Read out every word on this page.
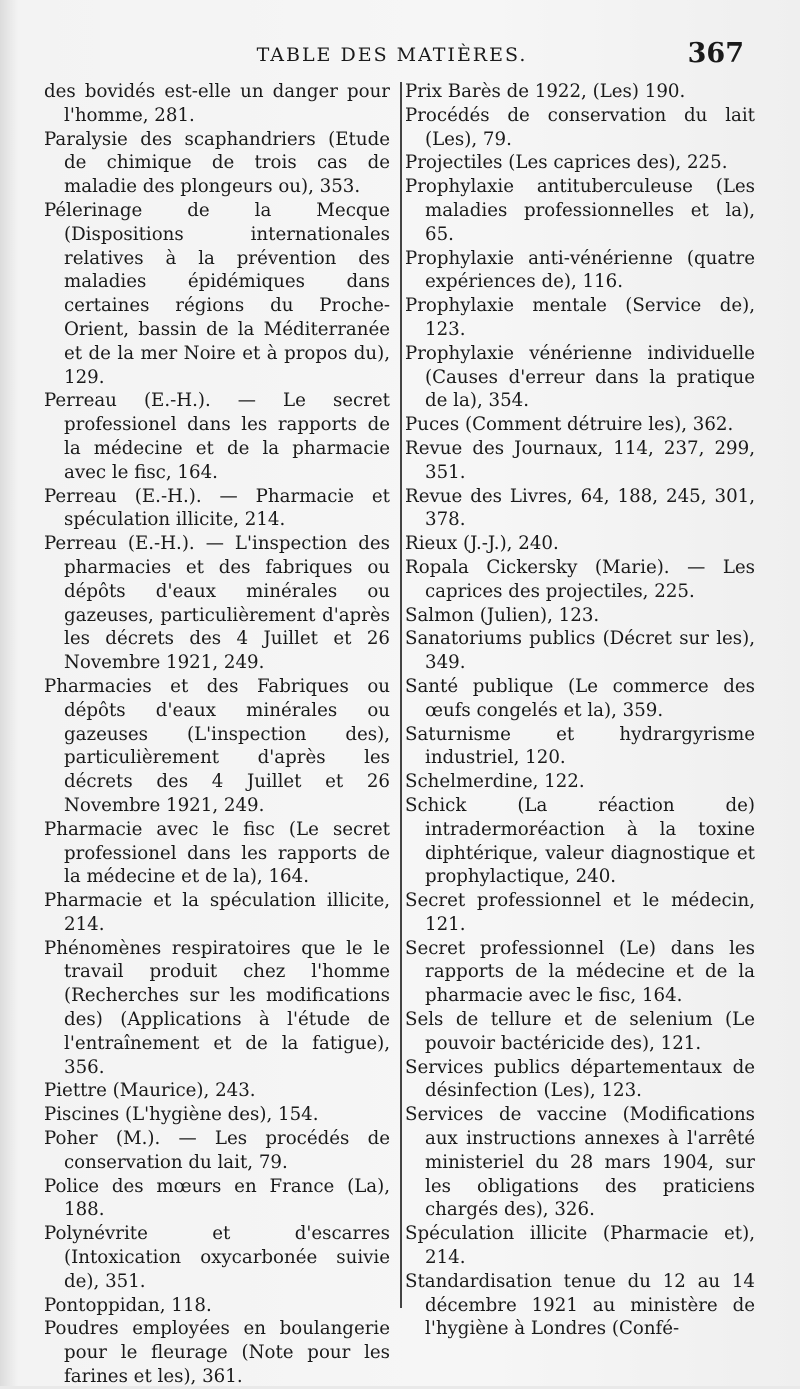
TABLE DES MATIÈRES.	367
des bovidés est-elle un danger pour l'homme, 281.
Paralysie des scaphandriers (Etude de chimique de trois cas de maladie des plongeurs ou), 353.
Pélerinage de la Mecque (Dispositions internationales relatives à la prévention des maladies épidémiques dans certaines régions du Proche-Orient, bassin de la Méditerranée et de la mer Noire et à propos du), 129.
Perreau (E.-H.). — Le secret professionel dans les rapports de la médecine et de la pharmacie avec le fisc, 164.
Perreau (E.-H.). — Pharmacie et spéculation illicite, 214.
Perreau (E.-H.). — L'inspection des pharmacies et des fabriques ou dépôts d'eaux minérales ou gazeuses, particulièrement d'après les décrets des 4 Juillet et 26 Novembre 1921, 249.
Pharmacies et des Fabriques ou dépôts d'eaux minérales ou gazeuses (L'inspection des), particulièrement d'après les décrets des 4 Juillet et 26 Novembre 1921, 249.
Pharmacie avec le fisc (Le secret professionel dans les rapports de la médecine et de la), 164.
Pharmacie et la spéculation illicite, 214.
Phénomènes respiratoires que le le travail produit chez l'homme (Recherches sur les modifications des) (Applications à l'étude de l'entraînement et de la fatigue), 356.
Piettre (Maurice), 243.
Piscines (L'hygiène des), 154.
Poher (M.). — Les procédés de conservation du lait, 79.
Police des mœurs en France (La), 188.
Polynévrite et d'escarres (Intoxication oxycarbonée suivie de), 351.
Pontoppidan, 118.
Poudres employées en boulangerie pour le fleurage (Note pour les farines et les), 361.
Prix Barès de 1922, (Les) 190.
Procédés de conservation du lait (Les), 79.
Projectiles (Les caprices des), 225.
Prophylaxie antituberculeuse (Les maladies professionnelles et la), 65.
Prophylaxie anti-vénérienne (quatre expériences de), 116.
Prophylaxie mentale (Service de), 123.
Prophylaxie vénérienne individuelle (Causes d'erreur dans la pratique de la), 354.
Puces (Comment détruire les), 362.
Revue des Journaux, 114, 237, 299, 351.
Revue des Livres, 64, 188, 245, 301, 378.
Rieux (J.-J.), 240.
Ropala Cickersky (Marie). — Les caprices des projectiles, 225.
Salmon (Julien), 123.
Sanatoriums publics (Décret sur les), 349.
Santé publique (Le commerce des œufs congelés et la), 359.
Saturnisme et hydrargyrisme industriel, 120.
Schelmerdine, 122.
Schick (La réaction de) intradermoréaction à la toxine diphtérique, valeur diagnostique et prophylactique, 240.
Secret professionnel et le médecin, 121.
Secret professionnel (Le) dans les rapports de la médecine et de la pharmacie avec le fisc, 164.
Sels de tellure et de selenium (Le pouvoir bactéricide des), 121.
Services publics départementaux de désinfection (Les), 123.
Services de vaccine (Modifications aux instructions annexes à l'arrêté ministeriel du 28 mars 1904, sur les obligations des praticiens chargés des), 326.
Spéculation illicite (Pharmacie et), 214.
Standardisation tenue du 12 au 14 décembre 1921 au ministère de l'hygiène à Londres (Confé-
